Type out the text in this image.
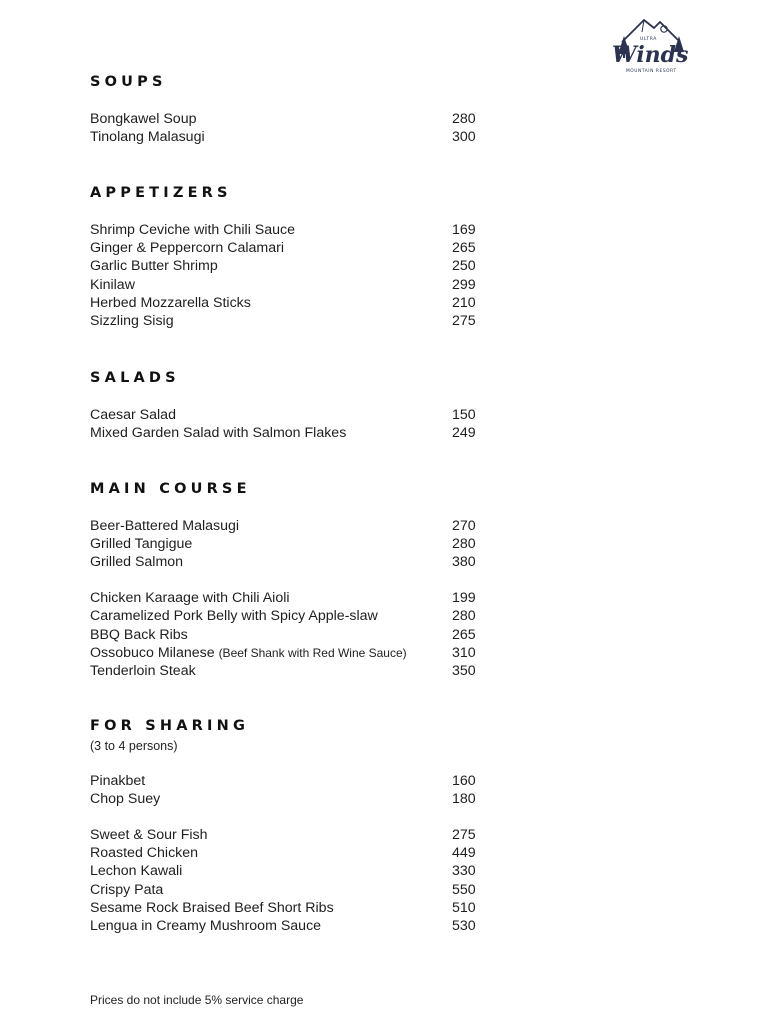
ULTRA
Winds
MOUNTAIN RESORT
SOUPS
Bongkawel Soup	280
Tinolang Malasugi	300
APPETIZERS
Shrimp Ceviche with Chili Sauce	169
Ginger & Peppercorn Calamari	265
Garlic Butter Shrimp	250
Kinilaw	299
Herbed Mozzarella Sticks	210
Sizzling Sisig	275
SALADS
Caesar Salad	150
Mixed Garden Salad with Salmon Flakes	249
MAIN COURSE
Beer-Battered Malasugi	270
Grilled Tangigue	280
Grilled Salmon	380
Chicken Karaage with Chili Aioli	199
Caramelized Pork Belly with Spicy Apple-slaw	280
BBQ Back Ribs	265
Ossobuco Milanese (Beef Shank with Red Wine Sauce)	310
Tenderloin Steak	350
FOR SHARING
(3 to 4 persons)
Pinakbet	160
Chop Suey	180
Sweet & Sour Fish	275
Roasted Chicken	449
Lechon Kawali	330
Crispy Pata	550
Sesame Rock Braised Beef Short Ribs	510
Lengua in Creamy Mushroom Sauce	530
Prices do not include 5% service charge
